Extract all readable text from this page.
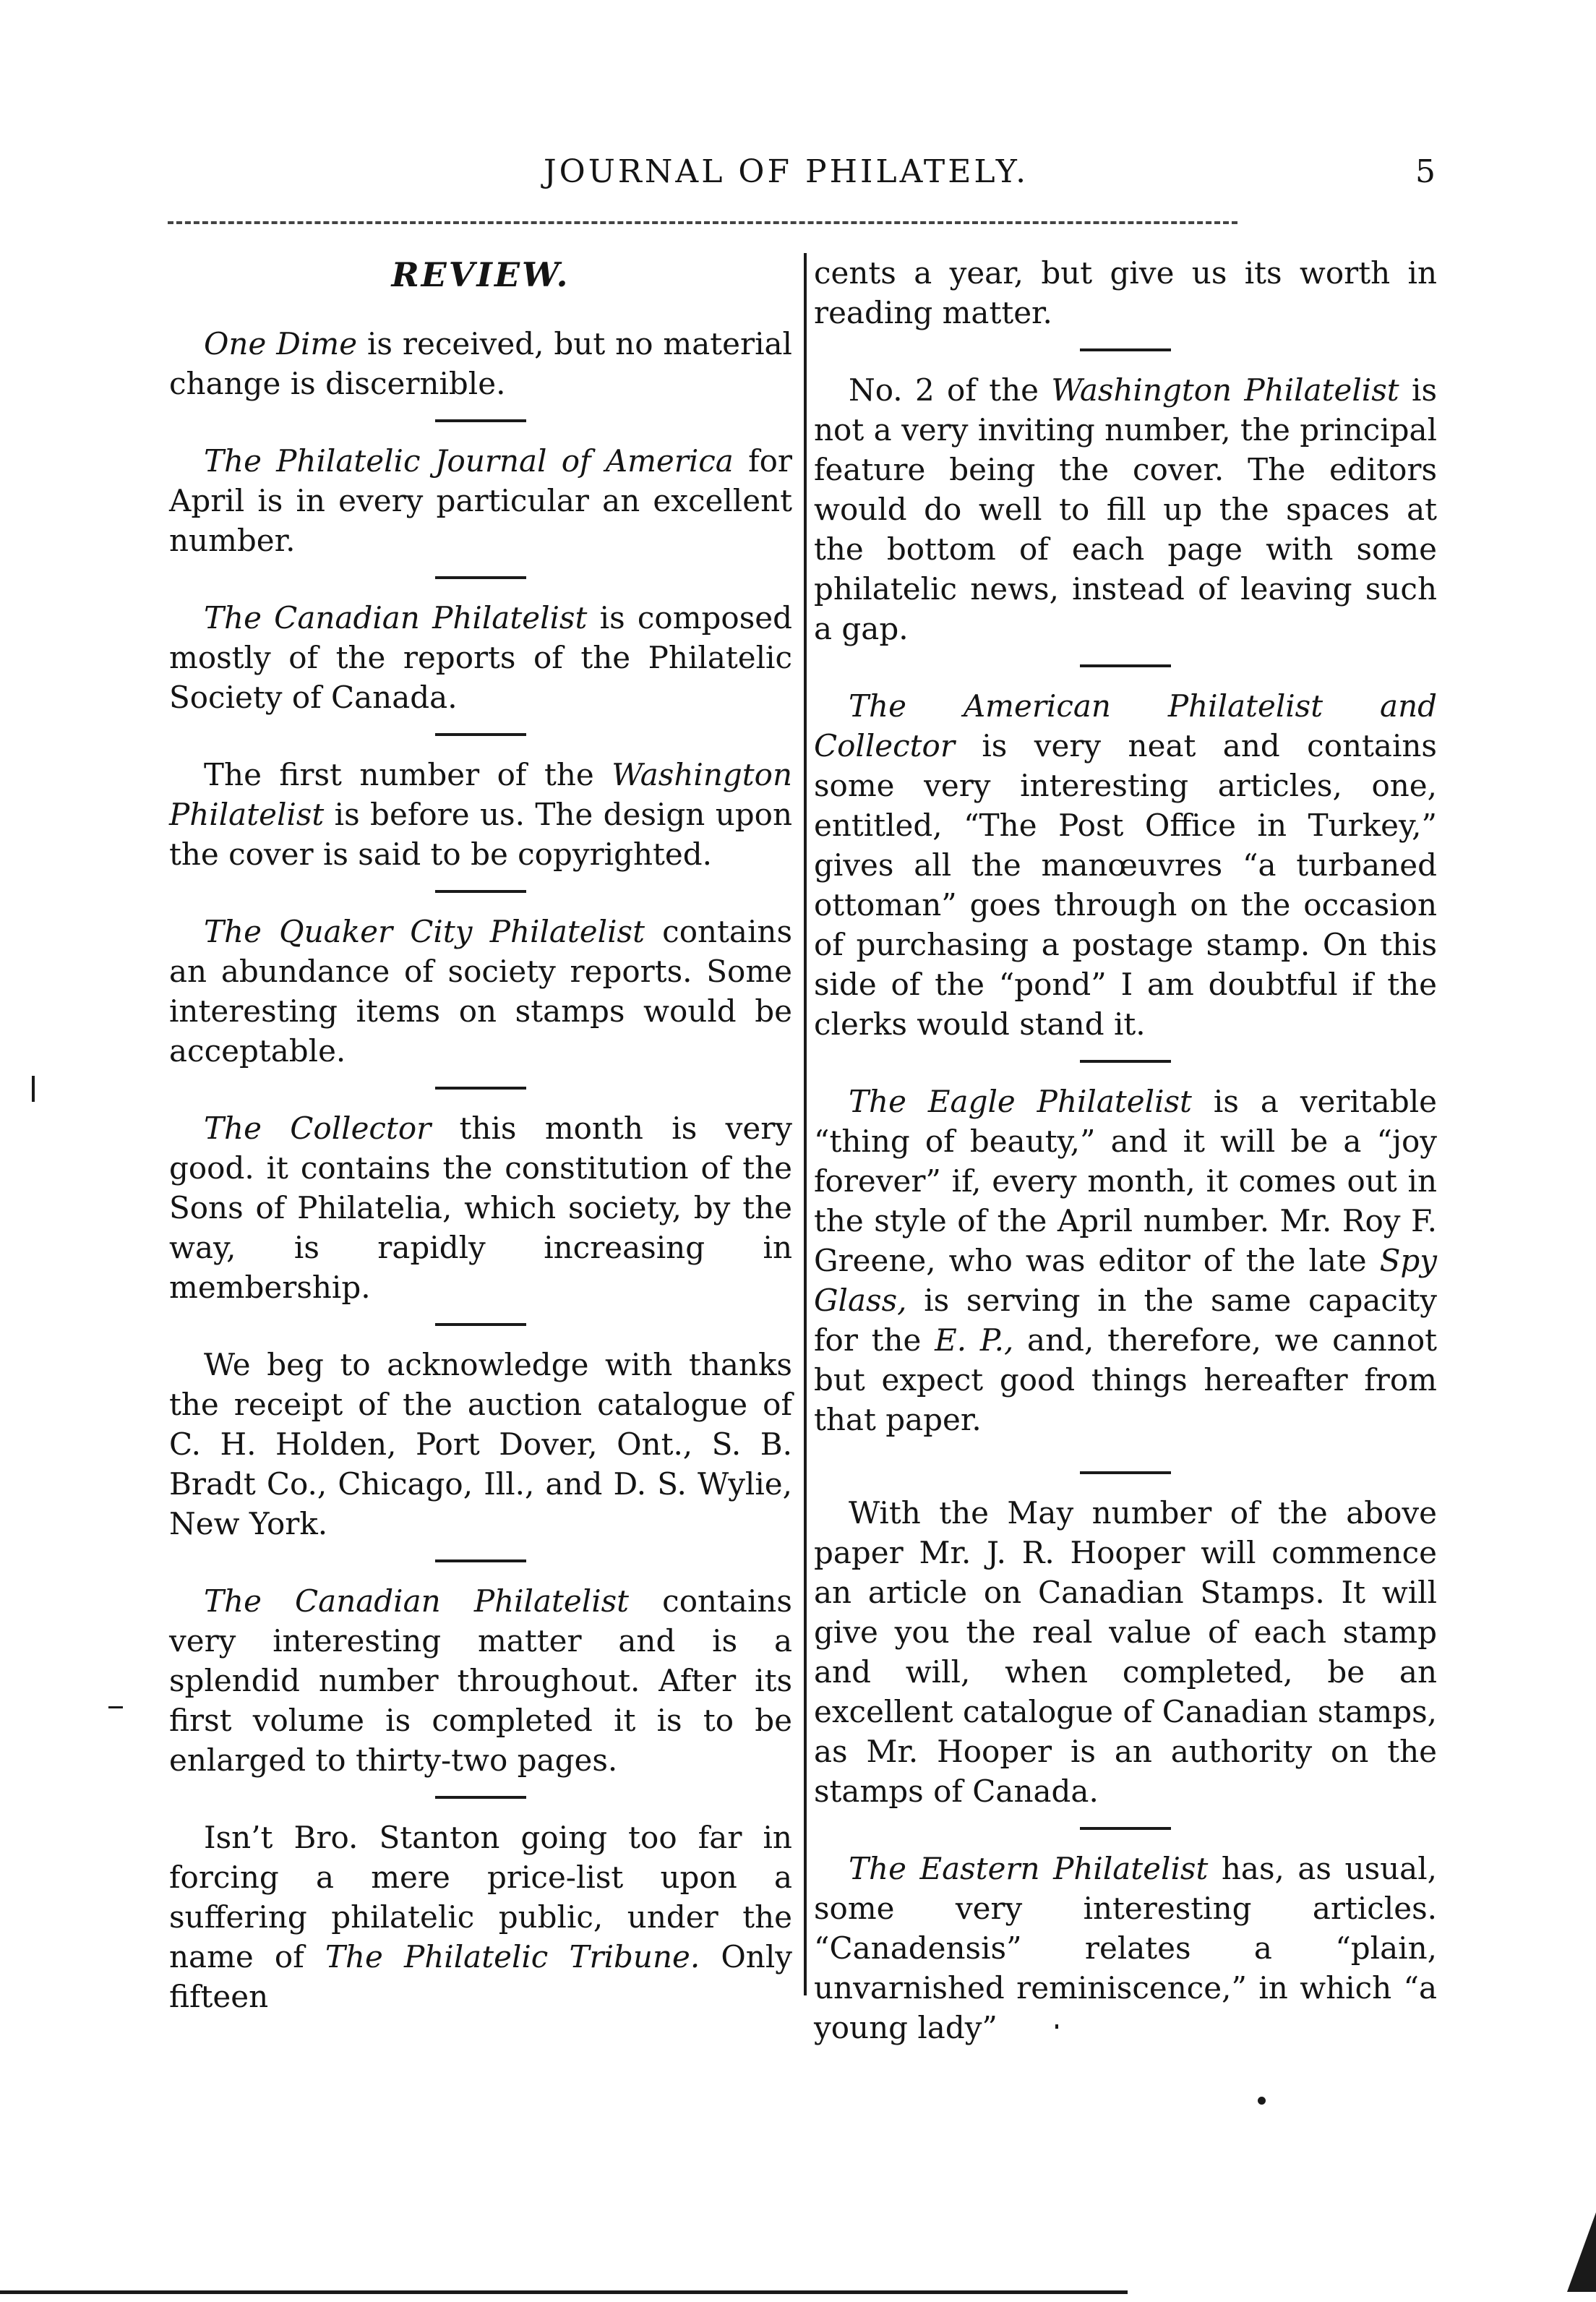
JOURNAL OF PHILATELY.	5
REVIEW.

One Dime is received, but no material change is discernible.

The Philatelic Journal of America for April is in every particular an excellent number.

The Canadian Philatelist is composed mostly of the reports of the Philatelic Society of Canada.

The first number of the Washington Philatelist is before us. The design upon the cover is said to be copyrighted.

The Quaker City Philatelist contains an abundance of society reports. Some interesting items on stamps would be acceptable.

The Collector this month is very good. it contains the constitution of the Sons of Philatelia, which society, by the way, is rapidly increasing in membership.

We beg to acknowledge with thanks the receipt of the auction catalogue of C. H. Holden, Port Dover, Ont., S. B. Bradt Co., Chicago, Ill., and D. S. Wylie, New York.

The Canadian Philatelist contains very interesting matter and is a splendid number throughout. After its first volume is completed it is to be enlarged to thirty-two pages.

Isn’t Bro. Stanton going too far in forcing a mere price-list upon a suffering philatelic public, under the name of The Philatelic Tribune. Only fifteen

cents a year, but give us its worth in reading matter.

No. 2 of the Washington Philatelist is not a very inviting number, the principal feature being the cover. The editors would do well to fill up the spaces at the bottom of each page with some philatelic news, instead of leaving such a gap.

The American Philatelist and Collector is very neat and contains some very interesting articles, one, entitled, “The Post Office in Turkey,” gives all the manœuvres “a turbaned ottoman” goes through on the occasion of purchasing a postage stamp. On this side of the “pond” I am doubtful if the clerks would stand it.

The Eagle Philatelist is a veritable “thing of beauty,” and it will be a “joy forever” if, every month, it comes out in the style of the April number. Mr. Roy F. Greene, who was editor of the late Spy Glass, is serving in the same capacity for the E. P., and, therefore, we cannot but expect good things hereafter from that paper.

With the May number of the above paper Mr. J. R. Hooper will commence an article on Canadian Stamps. It will give you the real value of each stamp and will, when completed, be an excellent catalogue of Canadian stamps, as Mr. Hooper is an authority on the stamps of Canada.

The Eastern Philatelist has, as usual, some very interesting articles. “Canadensis” relates a “plain, unvarnished reminiscence,” in which “a young lady”
